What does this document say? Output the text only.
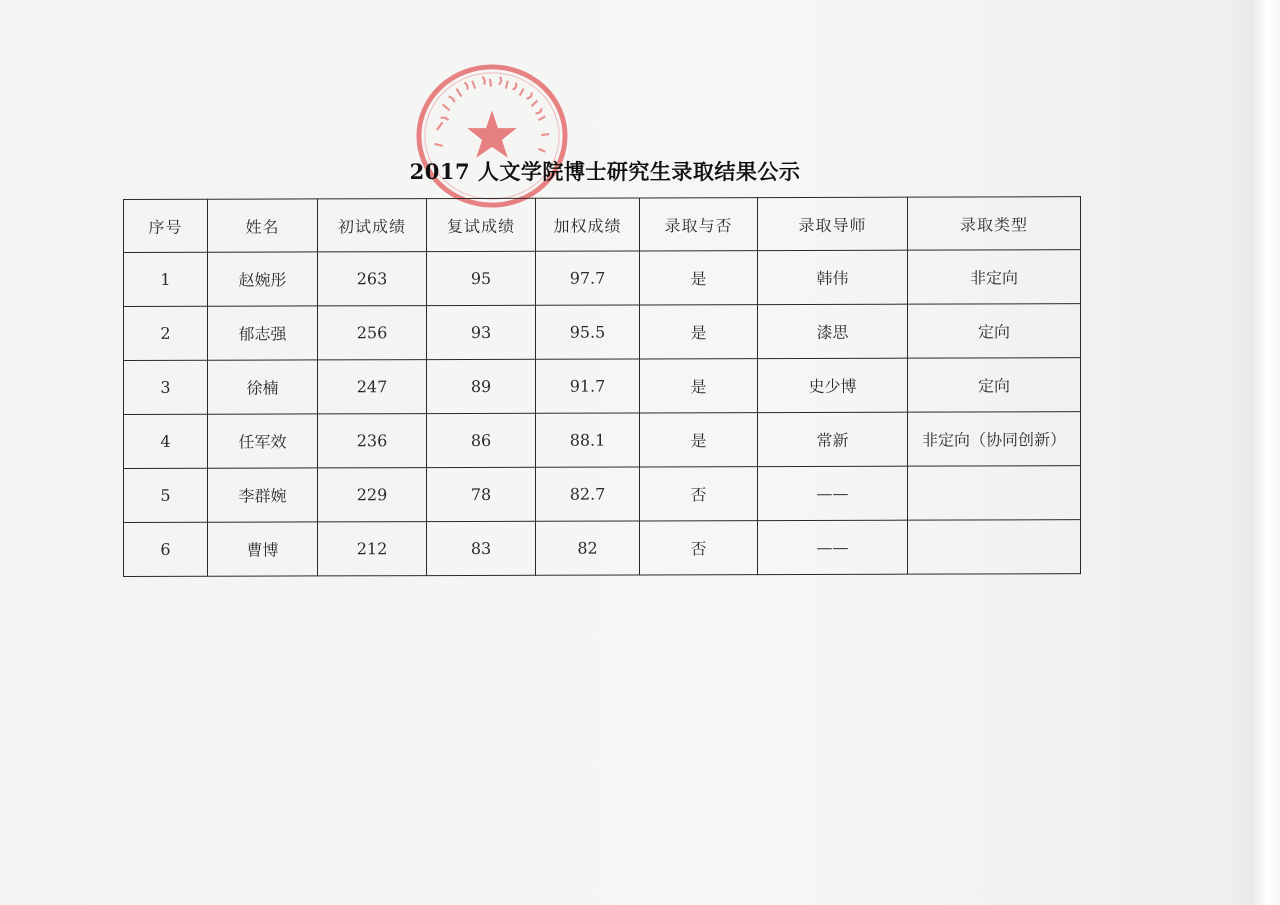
2017 人文学院博士研究生录取结果公示
序号	姓名	初试成绩	复试成绩	加权成绩	录取与否	录取导师	录取类型
1	赵婉彤	263	95	97.7	是	韩伟	非定向
2	郁志强	256	93	95.5	是	漆思	定向
3	徐楠	247	89	91.7	是	史少博	定向
4	任军效	236	86	88.1	是	常新	非定向（协同创新）
5	李群婉	229	78	82.7	否	——	
6	曹博	212	83	82	否	——	
